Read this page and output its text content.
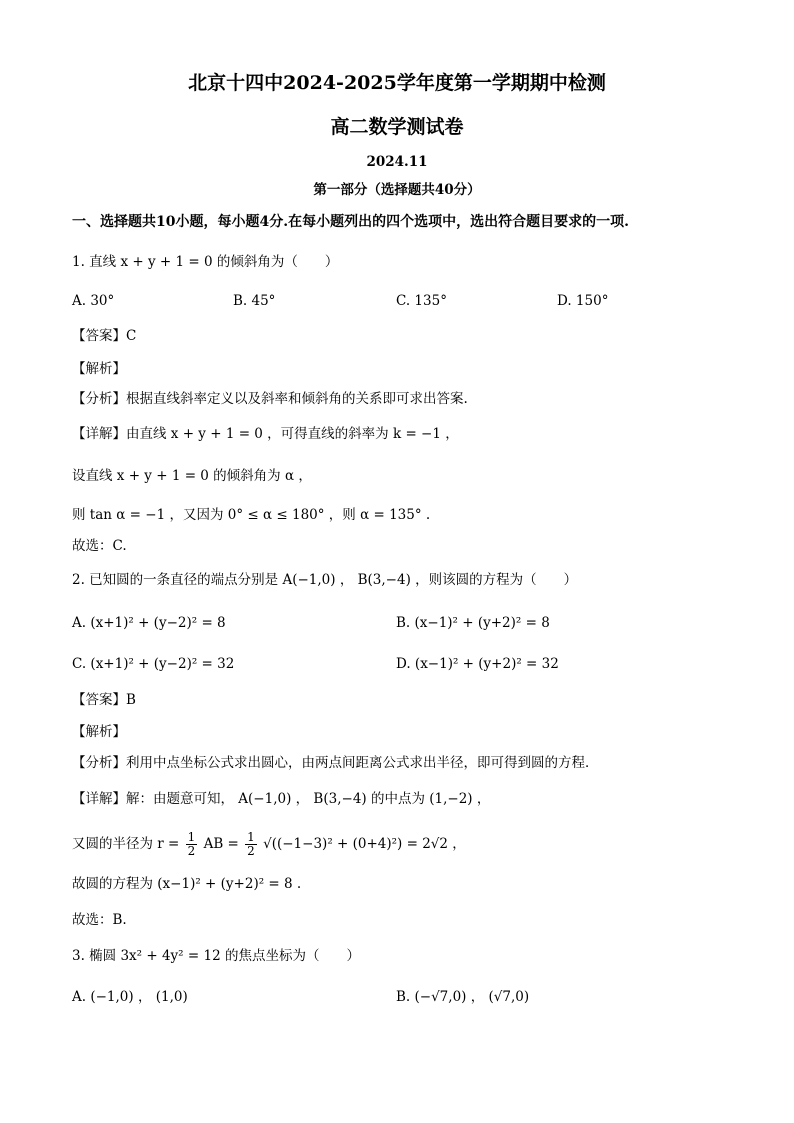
北京十四中2024-2025学年度第一学期期中检测
高二数学测试卷
2024.11
第一部分（选择题共40分）
一、选择题共10小题，每小题4分.在每小题列出的四个选项中，选出符合题目要求的一项.
1. 直线 x + y + 1 = 0 的倾斜角为（　　）
A. 30°	B. 45°	C. 135°	D. 150°
【答案】C
【解析】
【分析】根据直线斜率定义以及斜率和倾斜角的关系即可求出答案.
【详解】由直线 x + y + 1 = 0 ，可得直线的斜率为 k = −1 ，
设直线 x + y + 1 = 0 的倾斜角为 α ，
则 tan α = −1 ，又因为 0° ≤ α ≤ 180° ，则 α = 135° .
故选：C.
2. 已知圆的一条直径的端点分别是 A(−1,0) ， B(3,−4) ，则该圆的方程为（　　）
A. (x+1)² + (y−2)² = 8	B. (x−1)² + (y+2)² = 8
C. (x+1)² + (y−2)² = 32	D. (x−1)² + (y+2)² = 32
【答案】B
【解析】
【分析】利用中点坐标公式求出圆心，由两点间距离公式求出半径，即可得到圆的方程．
【详解】解：由题意可知， A(−1,0) ， B(3,−4) 的中点为 (1,−2) ，
又圆的半径为 $r = \frac{1}{2}$ AB = $\frac{1}{2} √((-1-3)^2 + (0+4)^2) = 2√2$ ，
故圆的方程为 (x−1)² + (y+2)² = 8 .
故选：B.
3. 椭圆 3x² + 4y² = 12 的焦点坐标为（　　）
A. (−1,0) ， (1,0)	B. (−√7,0) ， (√7,0)
